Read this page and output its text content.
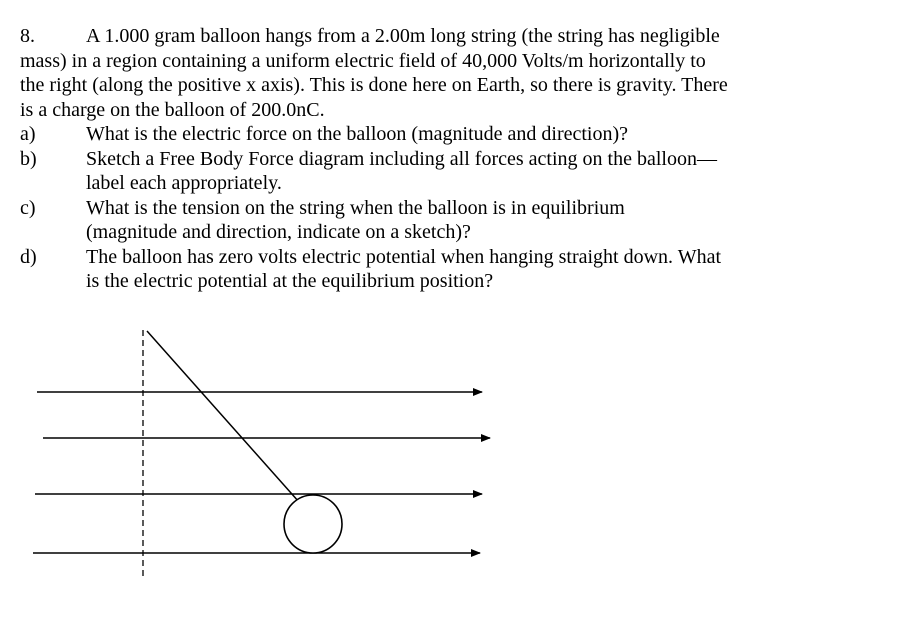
8.	A 1.000 gram balloon hangs from a 2.00m long string (the string has negligible
mass) in a region containing a uniform electric field of 40,000 Volts/m horizontally to
the right (along the positive x axis). This is done here on Earth, so there is gravity. There
is a charge on the balloon of 200.0nC.

a)	What is the electric force on the balloon (magnitude and direction)?
b)	Sketch a Free Body Force diagram including all forces acting on the balloon—
label each appropriately.
c)	What is the tension on the string when the balloon is in equilibrium
(magnitude and direction, indicate on a sketch)?
d)	The balloon has zero volts electric potential when hanging straight down. What
is the electric potential at the equilibrium position?
